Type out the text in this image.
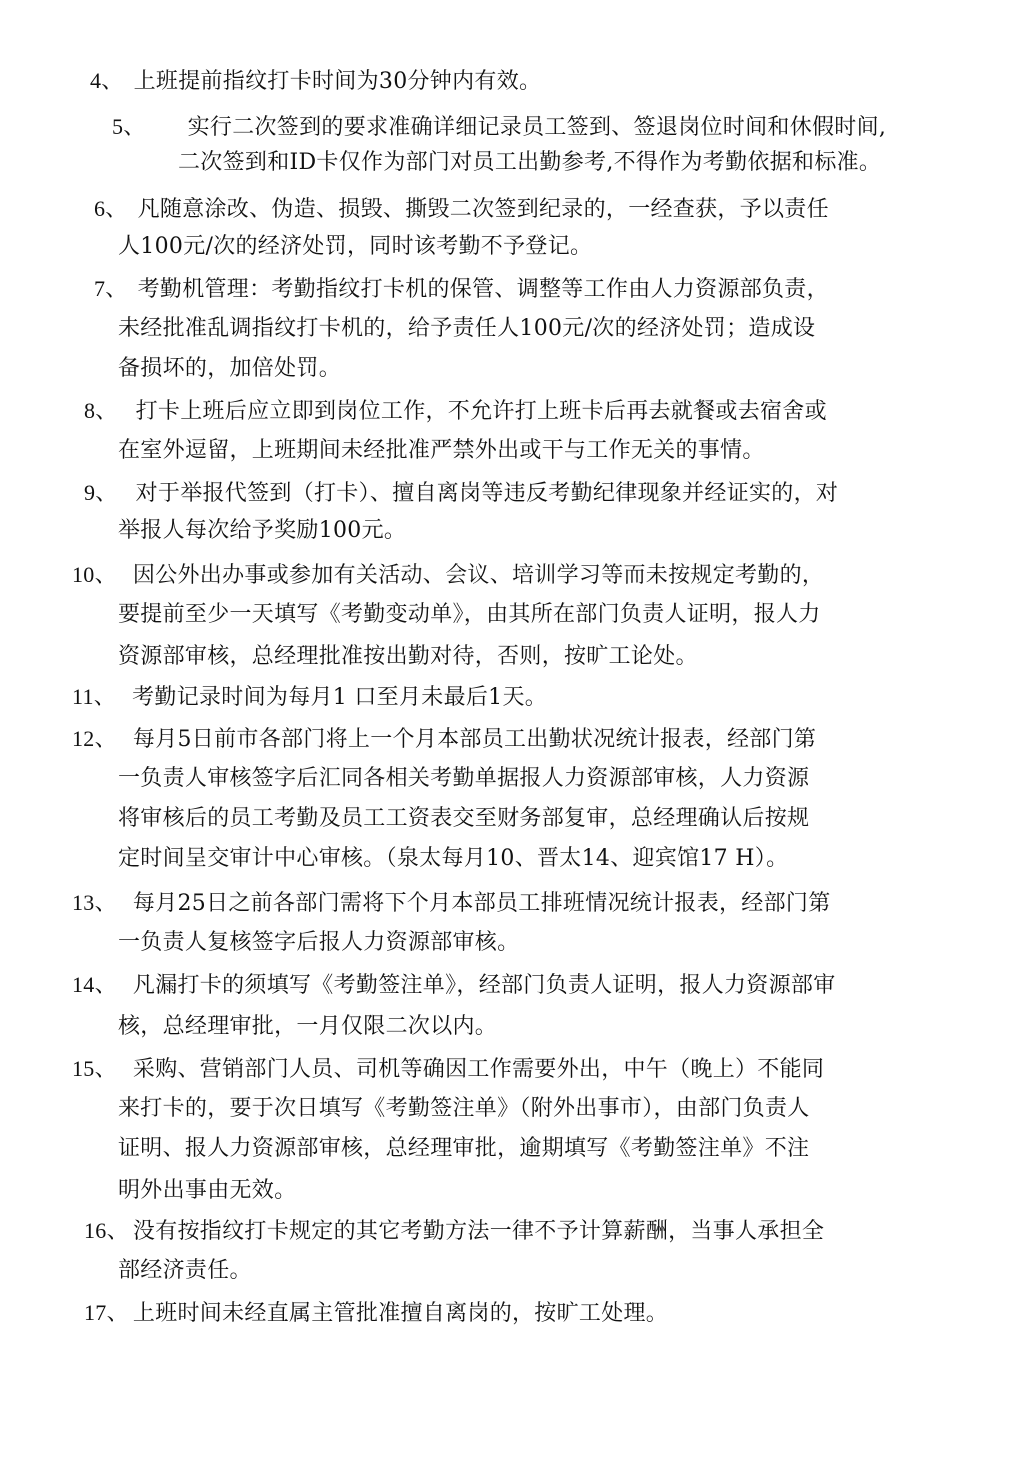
4、 上班提前指纹打卡时间为30分钟内有效。
5、 实行二次签到的要求准确详细记录员工签到、签退岗位时间和休假时间,
二次签到和ID卡仅作为部门对员工出勤参考,不得作为考勤依据和标准。
6、 凡随意涂改、伪造、损毁、撕毁二次签到纪录的，一经查获，予以责任
人100元/次的经济处罚，同时该考勤不予登记。
7、 考勤机管理：考勤指纹打卡机的保管、调整等工作由人力资源部负责，
未经批准乱调指纹打卡机的，给予责任人100元/次的经济处罚；造成设
备损坏的，加倍处罚。
8、 打卡上班后应立即到岗位工作，不允许打上班卡后再去就餐或去宿舍或
在室外逗留，上班期间未经批准严禁外出或干与工作无关的事情。
9、 对于举报代签到（打卡）、擅自离岗等违反考勤纪律现象并经证实的，对
举报人每次给予奖励100元。
10、 因公外出办事或参加有关活动、会议、培训学习等而未按规定考勤的，
要提前至少一天填写《考勤变动单》，由其所在部门负责人证明，报人力
资源部审核，总经理批准按出勤对待，否则，按旷工论处。
11、 考勤记录时间为每月1 口至月未最后1天。
12、 每月5日前市各部门将上一个月本部员工出勤状况统计报表，经部门第
一负责人审核签字后汇同各相关考勤单据报人力资源部审核，人力资源
将审核后的员工考勤及员工工资表交至财务部复审，总经理确认后按规
定时间呈交审计中心审核。（泉太每月10、晋太14、迎宾馆17 H）。
13、 每月25日之前各部门需将下个月本部员工排班情况统计报表，经部门第
一负责人复核签字后报人力资源部审核。
14、 凡漏打卡的须填写《考勤签注单》，经部门负责人证明，报人力资源部审
核，总经理审批，一月仅限二次以内。
15、 采购、营销部门人员、司机等确因工作需要外出，中午（晚上）不能同
来打卡的，要于次日填写《考勤签注单》（附外出事市），由部门负责人
证明、报人力资源部审核，总经理审批，逾期填写《考勤签注单》不注
明外出事由无效。
16、 没有按指纹打卡规定的其它考勤方法一律不予计算薪酬，当事人承担全
部经济责任。
17、 上班时间未经直属主管批准擅自离岗的，按旷工处理。
